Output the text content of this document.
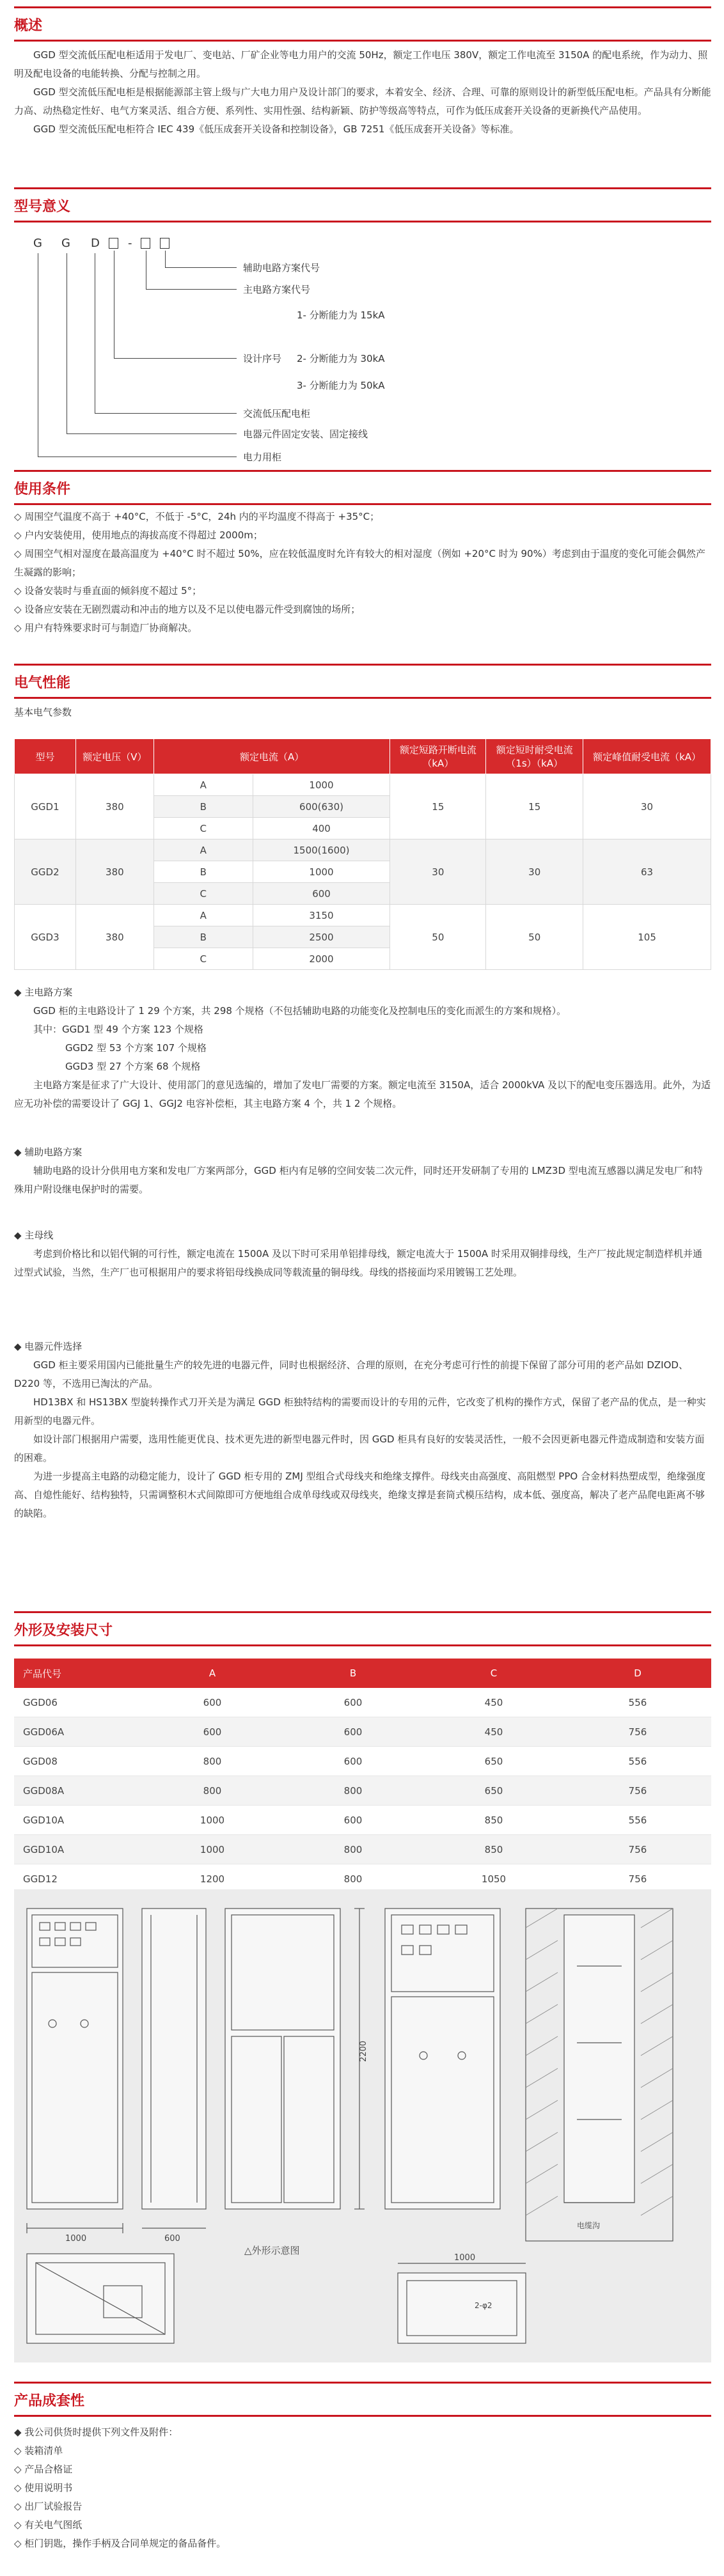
概述

GGD 型交流低压配电柜适用于发电厂、变电站、厂矿企业等电力用户的交流 50Hz，额定工作电压 380V，额定工作电流至 3150A 的配电系统，作为动力、照明及配电设备的电能转换、分配与控制之用。

GGD 型交流低压配电柜是根据能源部主管上级与广大电力用户及设计部门的要求，本着安全、经济、合理、可靠的原则设计的新型低压配电柜。产品具有分断能力高、动热稳定性好、电气方案灵活、组合方便、系列性、实用性强、结构新颖、防护等级高等特点，可作为低压成套开关设备的更新换代产品使用。

GGD 型交流低压配电柜符合 IEC 439《低压成套开关设备和控制设备》，GB 7251《低压成套开关设备》等标准。

型号意义
G G D -
辅助电路方案代号
主电路方案代号
1- 分断能力为 15kA
设计序号 2- 分断能力为 30kA
3- 分断能力为 50kA
交流低压配电柜
电器元件固定安装、固定接线
电力用柜
使用条件

◇ 周围空气温度不高于 +40°C，不低于 -5°C，24h 内的平均温度不得高于 +35°C；

◇ 户内安装使用，使用地点的海拔高度不得超过 2000m；

◇ 周围空气相对湿度在最高温度为 +40°C 时不超过 50%，应在较低温度时允许有较大的相对湿度（例如 +20°C 时为 90%）考虑到由于温度的变化可能会偶然产生凝露的影响；

◇ 设备安装时与垂直面的倾斜度不超过 5°；

◇ 设备应安装在无剧烈震动和冲击的地方以及不足以使电器元件受到腐蚀的场所；

◇ 用户有特殊要求时可与制造厂协商解决。

电气性能
基本电气参数
型号	额定电压（V）	额定电流（A）		额定短路开断电流（kA）	额定短时耐受电流（1s）（kA）	额定峰值耐受电流（kA）
GGD1	380	A	1000	15	15	30
		B	600(630)			
		C	400			
GGD2	380	A	1500(1600)	30	30	63
		B	1000			
		C	600			
GGD3	380	A	3150	50	50	105
		B	2500			
		C	2000			

◆ 主电路方案

GGD 柜的主电路设计了 1 29 个方案，共 298 个规格（不包括辅助电路的功能变化及控制电压的变化而派生的方案和规格）。

其中：GGD1 型 49 个方案 123 个规格

GGD2 型 53 个方案 107 个规格

GGD3 型 27 个方案 68 个规格

主电路方案是征求了广大设计、使用部门的意见选编的，增加了发电厂需要的方案。额定电流至 3150A，适合 2000kVA 及以下的配电变压器选用。此外，为适应无功补偿的需要设计了 GGJ 1、GGJ2 电容补偿柜，其主电路方案 4 个，共 1 2 个规格。

◆ 辅助电路方案

辅助电路的设计分供用电方案和发电厂方案两部分，GGD 柜内有足够的空间安装二次元件，同时还开发研制了专用的 LMZ3D 型电流互感器以满足发电厂和特殊用户附设继电保护时的需要。

◆ 主母线

考虑到价格比和以铝代铜的可行性，额定电流在 1500A 及以下时可采用单铝排母线，额定电流大于 1500A 时采用双铜排母线，生产厂按此规定制造样机并通过型式试验，当然，生产厂也可根据用户的要求将铝母线换成同等载流量的铜母线。母线的搭接面均采用镀锡工艺处理。

◆ 电器元件选择

GGD 柜主要采用国内已能批量生产的较先进的电器元件，同时也根据经济、合理的原则，在充分考虑可行性的前提下保留了部分可用的老产品如 DZIOD、D220 等，不选用已淘汰的产品。

HD13BX 和 HS13BX 型旋转操作式刀开关是为满足 GGD 柜独特结构的需要而设计的专用的元件，它改变了机构的操作方式，保留了老产品的优点，是一种实用新型的电器元件。

如设计部门根据用户需要，选用性能更优良、技术更先进的新型电器元件时，因 GGD 柜具有良好的安装灵活性，一般不会因更新电器元件造成制造和安装方面的困难。

为进一步提高主电路的动稳定能力，设计了 GGD 柜专用的 ZMJ 型组合式母线夹和绝缘支撑件。母线夹由高强度、高阻燃型 PPO 合金材料热塑成型，绝缘强度高、自熄性能好、结构独特，只需调整积木式间隙即可方便地组合成单母线或双母线夹，绝缘支撑是套筒式模压结构，成本低、强度高，解决了老产品爬电距离不够的缺陷。

外形及安装尺寸
产品代号	A	B	C	D
GGD06	600	600	450	556
GGD06A	600	600	450	756
GGD08	800	600	650	556
GGD08A	800	800	650	756
GGD10A	1000	600	850	556
GGD10A	1000	800	850	756
GGD12	1200	800	1050	756
1000	600
2200
1000
电缆沟
2-φ2
△外形示意图
产品成套性

◆ 我公司供货时提供下列文件及附件：

◇ 装箱清单

◇ 产品合格证

◇ 使用说明书

◇ 出厂试验报告

◇ 有关电气图纸

◇ 柜门钥匙，操作手柄及合同单规定的备品备件。
